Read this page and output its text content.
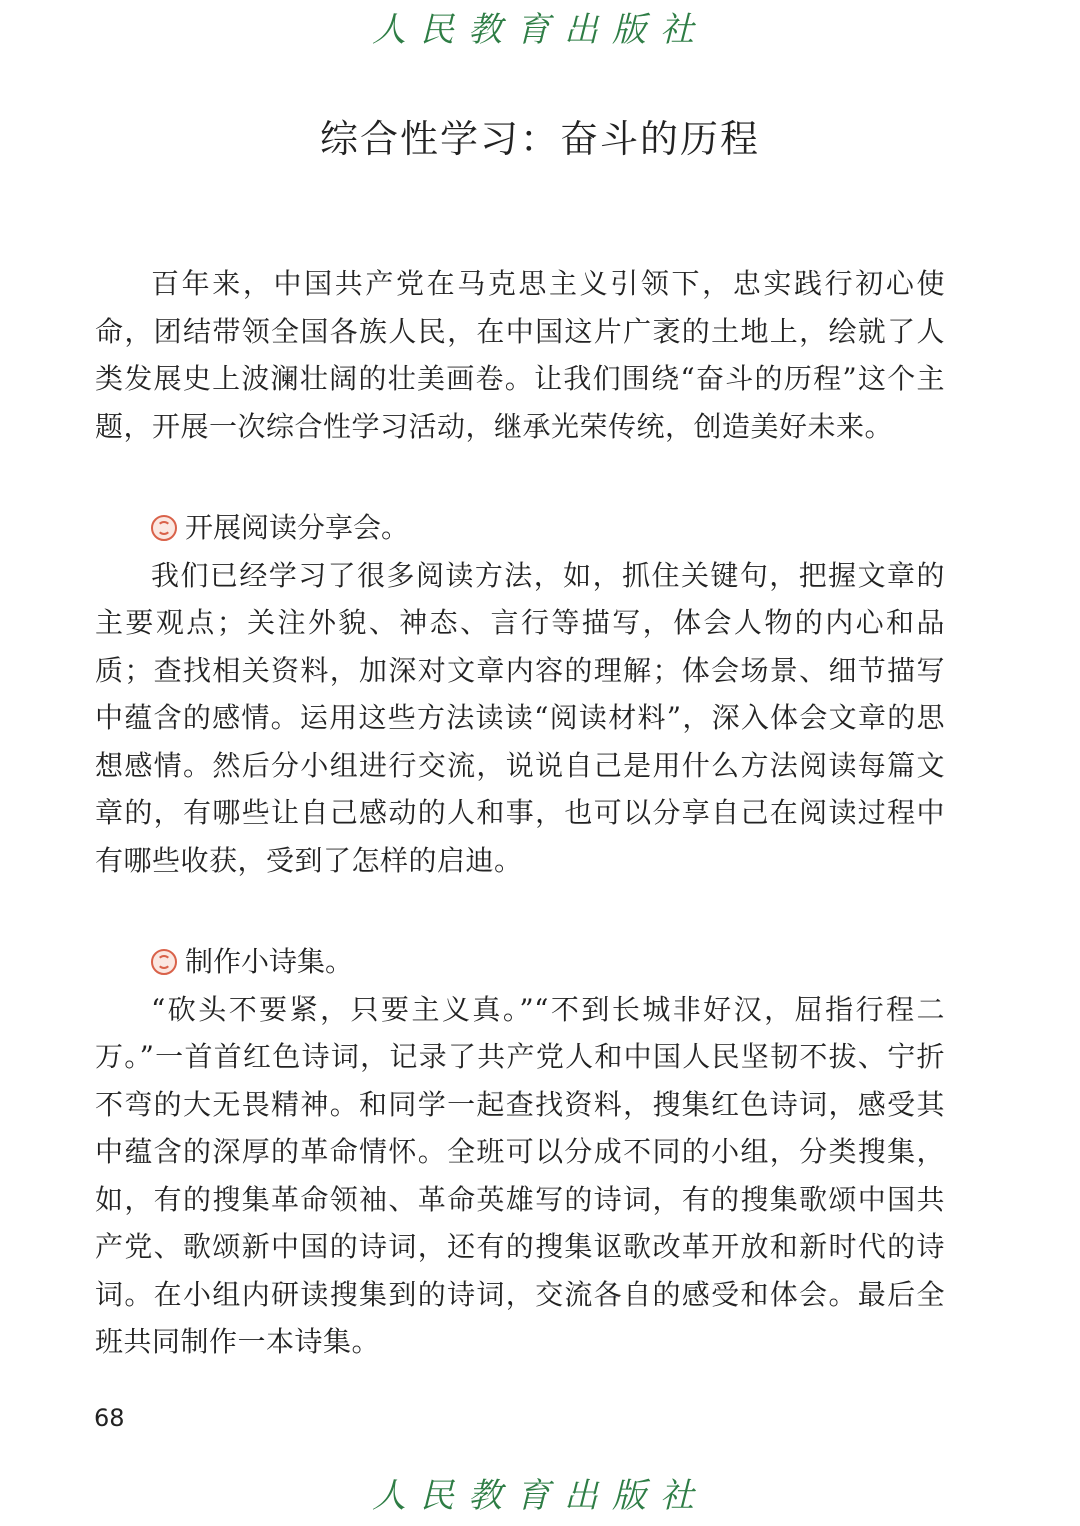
人民教育出版社
综合性学习：奋斗的历程

百年来，中国共产党在马克思主义引领下，忠实践行初心使命，团结带领全国各族人民，在中国这片广袤的土地上，绘就了人类发展史上波澜壮阔的壮美画卷。让我们围绕“奋斗的历程”这个主题，开展一次综合性学习活动，继承光荣传统，创造美好未来。

开展阅读分享会。

我们已经学习了很多阅读方法，如，抓住关键句，把握文章的主要观点；关注外貌、神态、言行等描写，体会人物的内心和品质；查找相关资料，加深对文章内容的理解；体会场景、细节描写中蕴含的感情。运用这些方法读读“阅读材料”，深入体会文章的思想感情。然后分小组进行交流，说说自己是用什么方法阅读每篇文章的，有哪些让自己感动的人和事，也可以分享自己在阅读过程中有哪些收获，受到了怎样的启迪。

制作小诗集。

“砍头不要紧，只要主义真。”“不到长城非好汉，屈指行程二万。”一首首红色诗词，记录了共产党人和中国人民坚韧不拔、宁折不弯的大无畏精神。和同学一起查找资料，搜集红色诗词，感受其中蕴含的深厚的革命情怀。全班可以分成不同的小组，分类搜集，如，有的搜集革命领袖、革命英雄写的诗词，有的搜集歌颂中国共产党、歌颂新中国的诗词，还有的搜集讴歌改革开放和新时代的诗词。在小组内研读搜集到的诗词，交流各自的感受和体会。最后全班共同制作一本诗集。

68
人民教育出版社
